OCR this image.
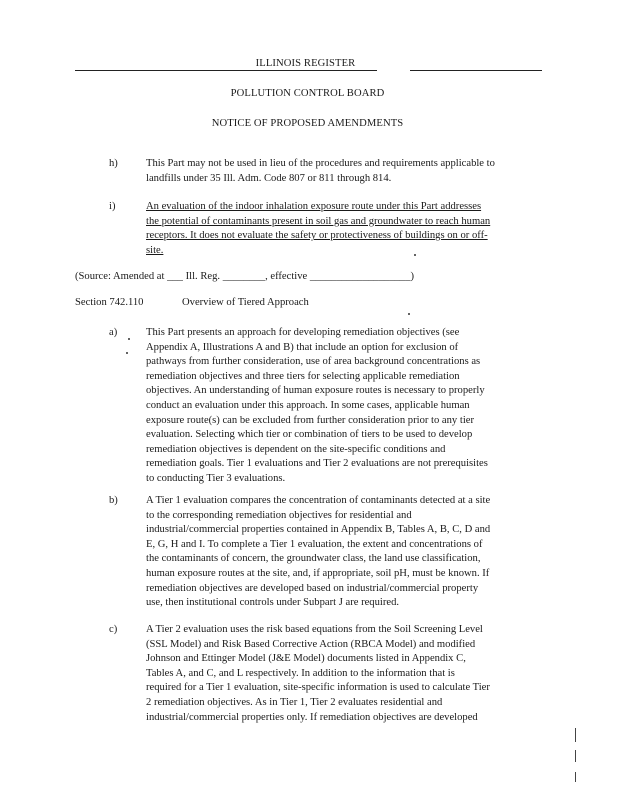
ILLINOIS REGISTER
POLLUTION CONTROL BOARD
NOTICE OF PROPOSED AMENDMENTS
h)	This Part may not be used in lieu of the procedures and requirements applicable to
landfills under 35 Ill. Adm. Code 807 or 811 through 814.
i)	An evaluation of the indoor inhalation exposure route under this Part addresses
the potential of contaminants present in soil gas and groundwater to reach human
receptors. It does not evaluate the safety or protectiveness of buildings on or off-
site.
(Source: Amended at ___ Ill. Reg. ________, effective ___________________)
Section 742.110	Overview of Tiered Approach
a)	This Part presents an approach for developing remediation objectives (see
Appendix A, Illustrations A and B) that include an option for exclusion of
pathways from further consideration, use of area background concentrations as
remediation objectives and three tiers for selecting applicable remediation
objectives. An understanding of human exposure routes is necessary to properly
conduct an evaluation under this approach. In some cases, applicable human
exposure route(s) can be excluded from further consideration prior to any tier
evaluation. Selecting which tier or combination of tiers to be used to develop
remediation objectives is dependent on the site-specific conditions and
remediation goals. Tier 1 evaluations and Tier 2 evaluations are not prerequisites
to conducting Tier 3 evaluations.
b)	A Tier 1 evaluation compares the concentration of contaminants detected at a site
to the corresponding remediation objectives for residential and
industrial/commercial properties contained in Appendix B, Tables A, B, C, D and
E, G, H and I. To complete a Tier 1 evaluation, the extent and concentrations of
the contaminants of concern, the groundwater class, the land use classification,
human exposure routes at the site, and, if appropriate, soil pH, must be known. If
remediation objectives are developed based on industrial/commercial property
use, then institutional controls under Subpart J are required.
c)	A Tier 2 evaluation uses the risk based equations from the Soil Screening Level
(SSL Model) and Risk Based Corrective Action (RBCA Model) and modified
Johnson and Ettinger Model (J&E Model) documents listed in Appendix C,
Tables A, and C, and L respectively. In addition to the information that is
required for a Tier 1 evaluation, site-specific information is used to calculate Tier
2 remediation objectives. As in Tier 1, Tier 2 evaluates residential and
industrial/commercial properties only. If remediation objectives are developed
